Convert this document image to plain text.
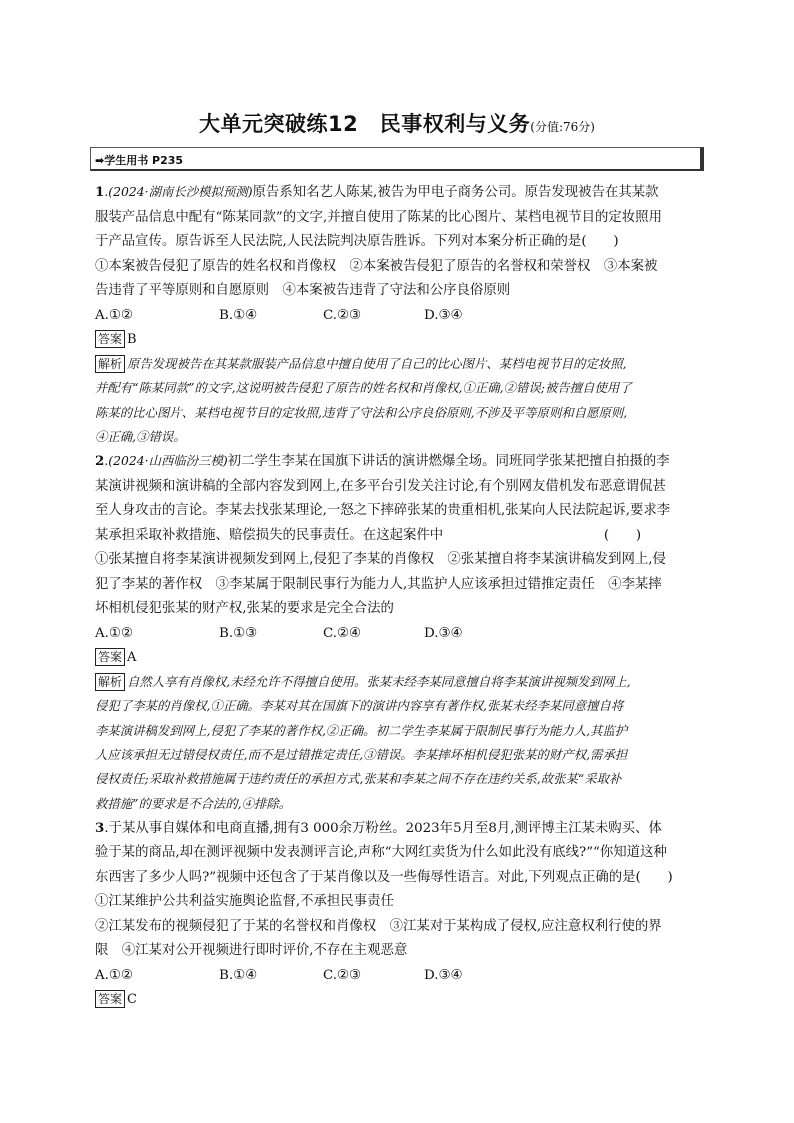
大单元突破练12　民事权利与义务(分值:76分)
➡学生用书 P235

1.(2024·湖南长沙模拟预测)原告系知名艺人陈某,被告为甲电子商务公司。原告发现被告在其某款

服装产品信息中配有“陈某同款”的文字,并擅自使用了陈某的比心图片、某档电视节目的定妆照用

于产品宣传。原告诉至人民法院,人民法院判决原告胜诉。下列对本案分析正确的是(　　)

①本案被告侵犯了原告的姓名权和肖像权　②本案被告侵犯了原告的名誉权和荣誉权　③本案被

告违背了平等原则和自愿原则　④本案被告违背了守法和公序良俗原则

A.①②	B.①④	C.②③	D.③④
答案 B

解析 原告发现被告在其某款服装产品信息中擅自使用了自己的比心图片、某档电视节目的定妆照,

并配有“陈某同款”的文字,这说明被告侵犯了原告的姓名权和肖像权,①正确,②错误;被告擅自使用了

陈某的比心图片、某档电视节目的定妆照,违背了守法和公序良俗原则,不涉及平等原则和自愿原则,

④正确,③错误。

2.(2024·山西临汾三模)初二学生李某在国旗下讲话的演讲燃爆全场。同班同学张某把擅自拍摄的李

某演讲视频和演讲稿的全部内容发到网上,在多平台引发关注讨论,有个别网友借机发布恶意谓侃甚

至人身攻击的言论。李某去找张某理论,一怒之下摔碎张某的贵重相机,张某向人民法院起诉,要求李

某承担采取补救措施、赔偿损失的民事责任。在这起案件中　　　　　　　　　　　　(　　)

①张某擅自将李某演讲视频发到网上,侵犯了李某的肖像权　②张某擅自将李某演讲稿发到网上,侵

犯了李某的著作权　③李某属于限制民事行为能力人,其监护人应该承担过错推定责任　④李某摔

坏相机侵犯张某的财产权,张某的要求是完全合法的

A.①②	B.①③	C.②④	D.③④
答案 A

解析 自然人享有肖像权,未经允许不得擅自使用。张某未经李某同意擅自将李某演讲视频发到网上,

侵犯了李某的肖像权,①正确。李某对其在国旗下的演讲内容享有著作权,张某未经李某同意擅自将

李某演讲稿发到网上,侵犯了李某的著作权,②正确。初二学生李某属于限制民事行为能力人,其监护

人应该承担无过错侵权责任,而不是过错推定责任,③错误。李某摔坏相机侵犯张某的财产权,需承担

侵权责任;采取补救措施属于违约责任的承担方式,张某和李某之间不存在违约关系,故张某“采取补

救措施”的要求是不合法的,④排除。

3.于某从事自媒体和电商直播,拥有3 000余万粉丝。2023年5月至8月,测评博主江某未购买、体

验于某的商品,却在测评视频中发表测评言论,声称“大网红卖货为什么如此没有底线?”“你知道这种

东西害了多少人吗?”视频中还包含了于某肖像以及一些侮辱性语言。对此,下列观点正确的是(　　)

①江某维护公共利益实施舆论监督,不承担民事责任

②江某发布的视频侵犯了于某的名誉权和肖像权　③江某对于某构成了侵权,应注意权利行使的界

限　④江某对公开视频进行即时评价,不存在主观恶意

A.①②	B.①④	C.②③	D.③④
答案 C
